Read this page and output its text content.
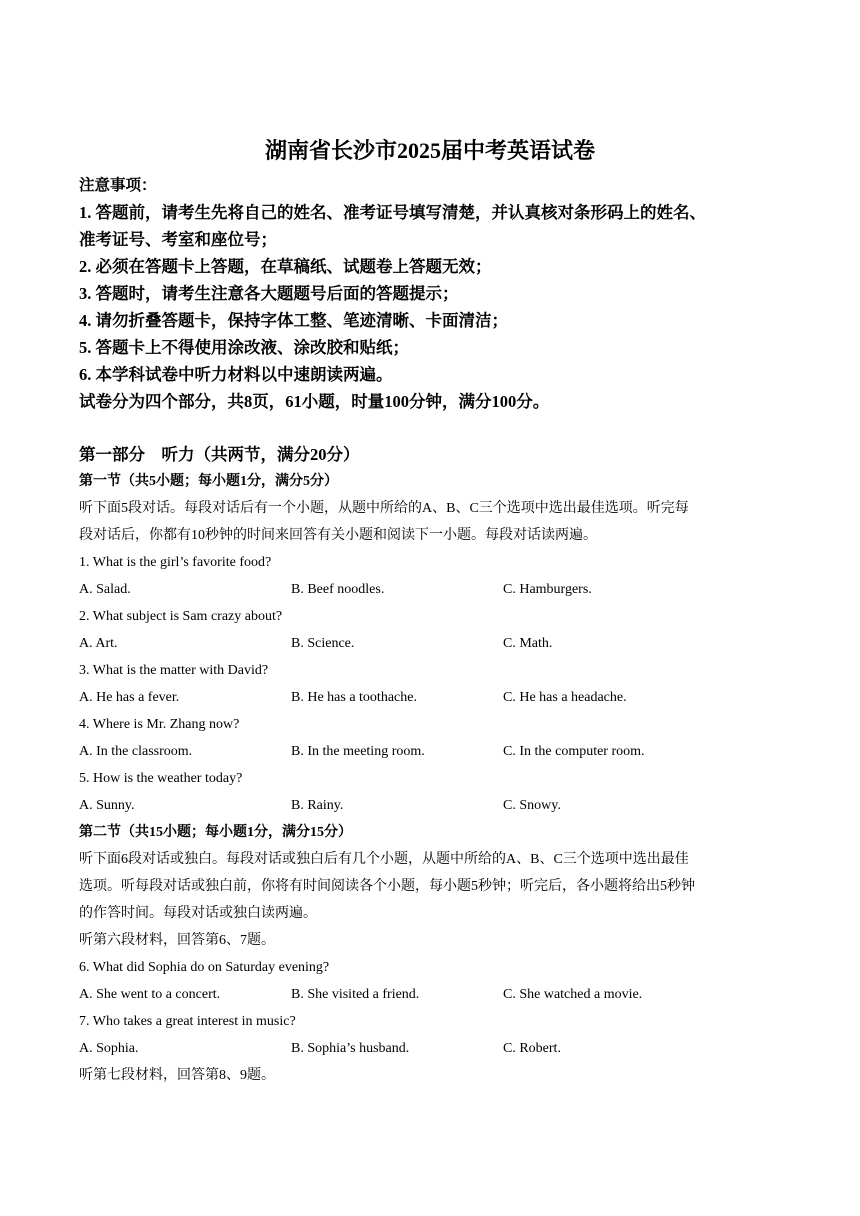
湖南省长沙市2025届中考英语试卷
注意事项：
1. 答题前，请考生先将自己的姓名、准考证号填写清楚，并认真核对条形码上的姓名、
准考证号、考室和座位号；
2. 必须在答题卡上答题，在草稿纸、试题卷上答题无效；
3. 答题时，请考生注意各大题题号后面的答题提示；
4. 请勿折叠答题卡，保持字体工整、笔迹清晰、卡面清洁；
5. 答题卡上不得使用涂改液、涂改胶和贴纸；
6. 本学科试卷中听力材料以中速朗读两遍。
试卷分为四个部分，共8页，61小题，时量100分钟，满分100分。
第一部分　听力（共两节，满分20分）
第一节（共5小题；每小题1分，满分5分）
听下面5段对话。每段对话后有一个小题，从题中所给的A、B、C三个选项中选出最佳选项。听完每
段对话后，你都有10秒钟的时间来回答有关小题和阅读下一小题。每段对话读两遍。
1. What is the girl’s favorite food?
A. Salad.	B. Beef noodles.	C. Hamburgers.
2. What subject is Sam crazy about?
A. Art.	B. Science.	C. Math.
3. What is the matter with David?
A. He has a fever.	B. He has a toothache.	C. He has a headache.
4. Where is Mr. Zhang now?
A. In the classroom.	B. In the meeting room.	C. In the computer room.
5. How is the weather today?
A. Sunny.	B. Rainy.	C. Snowy.
第二节（共15小题；每小题1分，满分15分）
听下面6段对话或独白。每段对话或独白后有几个小题，从题中所给的A、B、C三个选项中选出最佳
选项。听每段对话或独白前，你将有时间阅读各个小题，每小题5秒钟；听完后，各小题将给出5秒钟
的作答时间。每段对话或独白读两遍。
听第六段材料，回答第6、7题。
6. What did Sophia do on Saturday evening?
A. She went to a concert.	B. She visited a friend.	C. She watched a movie.
7. Who takes a great interest in music?
A. Sophia.	B. Sophia’s husband.	C. Robert.
听第七段材料，回答第8、9题。
